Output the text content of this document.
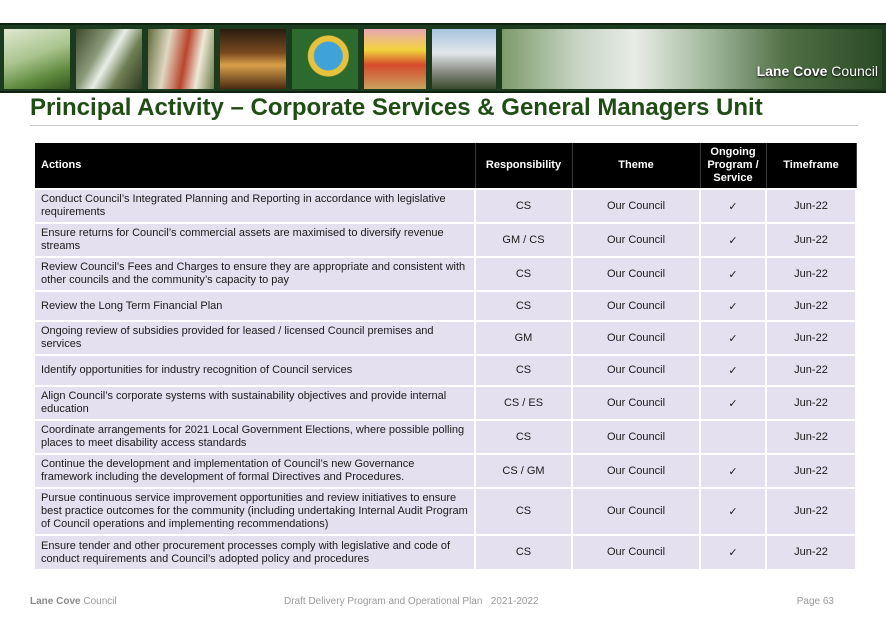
Lane Cove Council
Principal Activity – Corporate Services & General Managers Unit
Actions	Responsibility	Theme	Ongoing Program / Service	Timeframe
Conduct Council’s Integrated Planning and Reporting in accordance with legislative requirements	CS	Our Council	✓	Jun-22
Ensure returns for Council’s commercial assets are maximised to diversify revenue streams	GM / CS	Our Council	✓	Jun-22
Review Council’s Fees and Charges to ensure they are appropriate and consistent with other councils and the community’s capacity to pay	CS	Our Council	✓	Jun-22
Review the Long Term Financial Plan	CS	Our Council	✓	Jun-22
Ongoing review of subsidies provided for leased / licensed Council premises and services	GM	Our Council	✓	Jun-22
Identify opportunities for industry recognition of Council services	CS	Our Council	✓	Jun-22
Align Council’s corporate systems with sustainability objectives and provide internal education	CS / ES	Our Council	✓	Jun-22
Coordinate arrangements for 2021 Local Government Elections, where possible polling places to meet disability access standards	CS	Our Council		Jun-22
Continue the development and implementation of Council’s new Governance framework including the development of formal Directives and Procedures.	CS / GM	Our Council	✓	Jun-22
Pursue continuous service improvement opportunities and review initiatives to ensure best practice outcomes for the community (including undertaking Internal Audit Program of Council operations and implementing recommendations)	CS	Our Council	✓	Jun-22
Ensure tender and other procurement processes comply with legislative and code of conduct requirements and Council’s adopted policy and procedures	CS	Our Council	✓	Jun-22
Lane Cove Council	Draft Delivery Program and Operational Plan   2021-2022	Page 63
